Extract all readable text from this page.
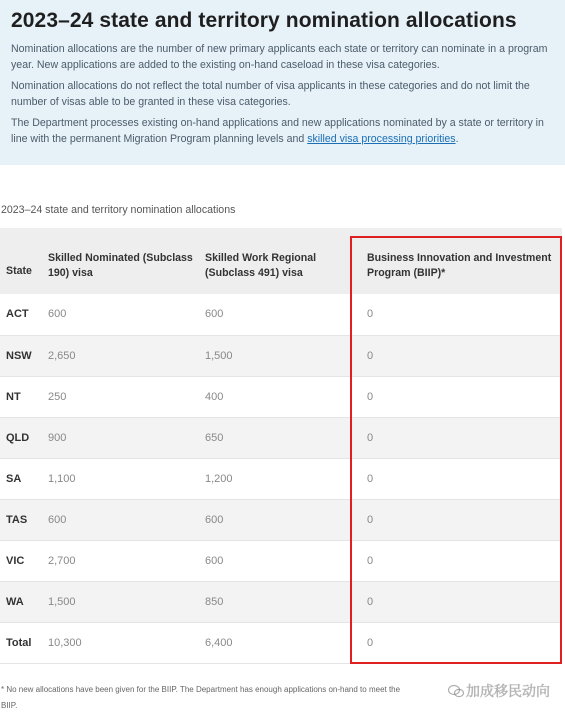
2023–24 state and territory nomination allocations

Nomination allocations are the number of new primary applicants each state or territory can nominate in a program year. New applications are added to the existing on-hand caseload in these visa categories.

Nomination allocations do not reflect the total number of visa applicants in these categories and do not limit the number of visas able to be granted in these visa categories.

The Department processes existing on-hand applications and new applications nominated by a state or territory in line with the permanent Migration Program planning levels and skilled visa processing priorities.

2023–24 state and territory nomination allocations
State	Skilled Nominated (Subclass 190) visa	Skilled Work Regional (Subclass 491) visa	Business Innovation and Investment Program (BIIP)*
ACT	600	600	0
NSW	2,650	1,500	0
NT	250	400	0
QLD	900	650	0
SA	1,100	1,200	0
TAS	600	600	0
VIC	2,700	600	0
WA	1,500	850	0
Total	10,300	6,400	0
* No new allocations have been given for the BIIP. The Department has enough applications on-hand to meet the
BIIP.
加成移民动向
